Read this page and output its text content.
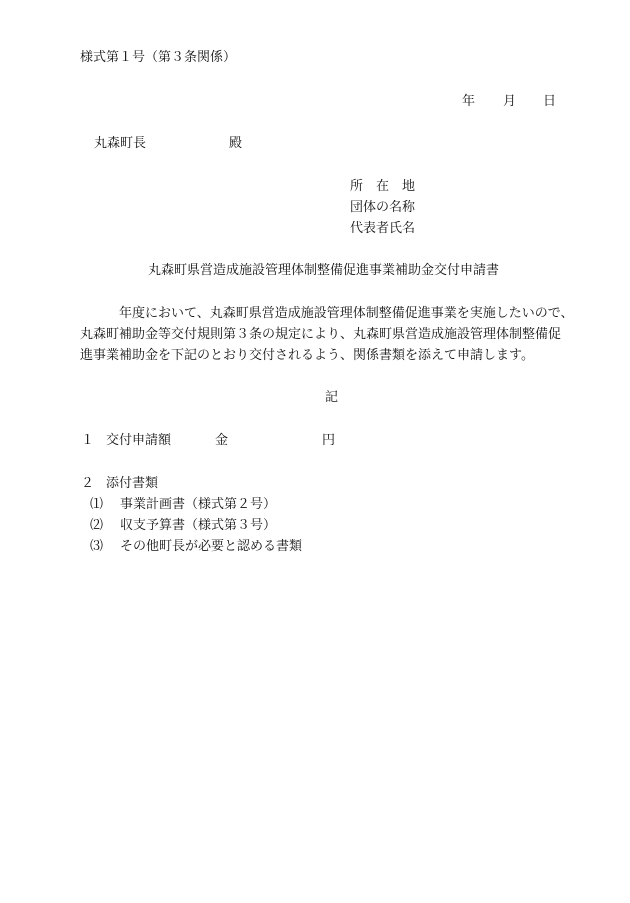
様式第１号（第３条関係）
年 月 日
丸森町長	殿
所　在　地
団体の名称
代表者氏名
丸森町県営造成施設管理体制整備促進事業補助金交付申請書

　　　年度において、丸森町県営造成施設管理体制整備促進事業を実施したいので、

丸森町補助金等交付規則第３条の規定により、丸森町県営造成施設管理体制整備促

進事業補助金を下記のとおり交付されるよう、関係書類を添えて申請します。

記
１ 交付申請額	金	円
２ 添付書類
⑴ 事業計画書（様式第２号）
⑵ 収支予算書（様式第３号）
⑶ その他町長が必要と認める書類
